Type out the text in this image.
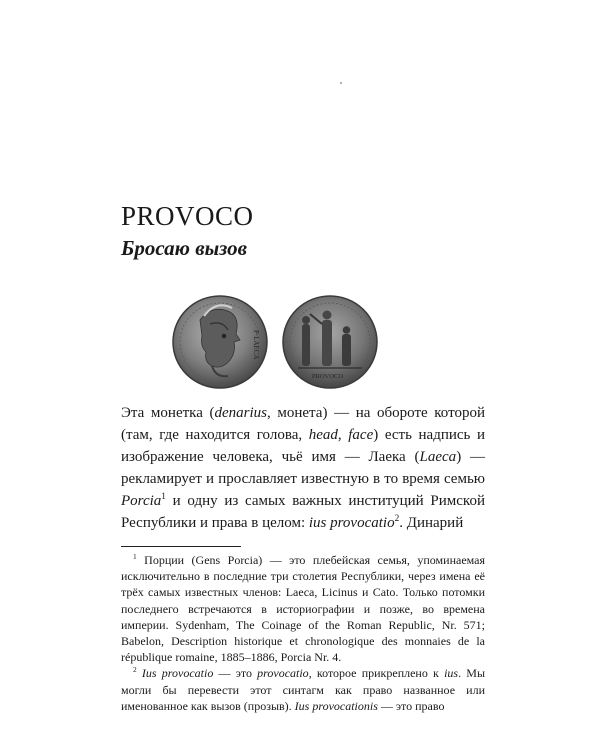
PROVOCO
Бросаю вызов
P·LAECA
PROVOCO

Эта монетка (denarius, монета) — на обороте которой (там, где находится голова, head, face) есть надпись и изображение человека, чьё имя — Лаека (Laeca) — рекламирует и прославляет известную в то время семью Porcia$^1$ и одну из самых важных институций Римской Республики и права в целом: ius provocatio$^2$. Динарий

$^1$ Порции (Gens Porcia) — это плебейская семья, упоминаемая исключительно в последние три столетия Республики, через имена её трёх самых известных членов: Laeca, Licinus и Cato. Только потомки последнего встречаются в историографии и позже, во времена империи. Sydenham, The Coinage of the Roman Republic, Nr. 571; Babelon, Description historique et chronologique des monnaies de la république romaine, 1885–1886, Porcia Nr. 4.

$^2$ Ius provocatio — это provocatio, которое прикреплено к ius. Мы могли бы перевести этот синтагм как право названное или именованное как вызов (прозыв). Ius provocationis — это право
